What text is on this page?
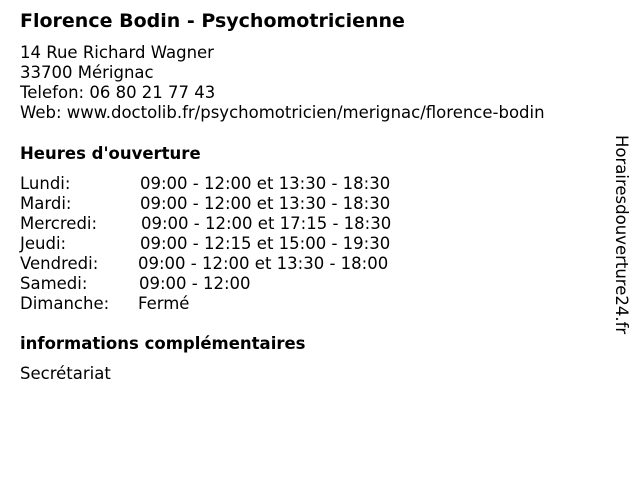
Florence Bodin - Psychomotricienne
14 Rue Richard Wagner
33700 Mérignac
Telefon: 06 80 21 77 43
Web: www.doctolib.fr/psychomotricien/merignac/florence-bodin
Heures d'ouverture
Lundi:	09:00 - 12:00 et 13:30 - 18:30
Mardi:	09:00 - 12:00 et 13:30 - 18:30
Mercredi:	09:00 - 12:00 et 17:15 - 18:30
Jeudi:	09:00 - 12:15 et 15:00 - 19:30
Vendredi: 09:00 - 12:00 et 13:30 - 18:00
Samedi:	09:00 - 12:00
Dimanche: Fermé
informations complémentaires
Secrétariat
Horairesdouverture24.fr
